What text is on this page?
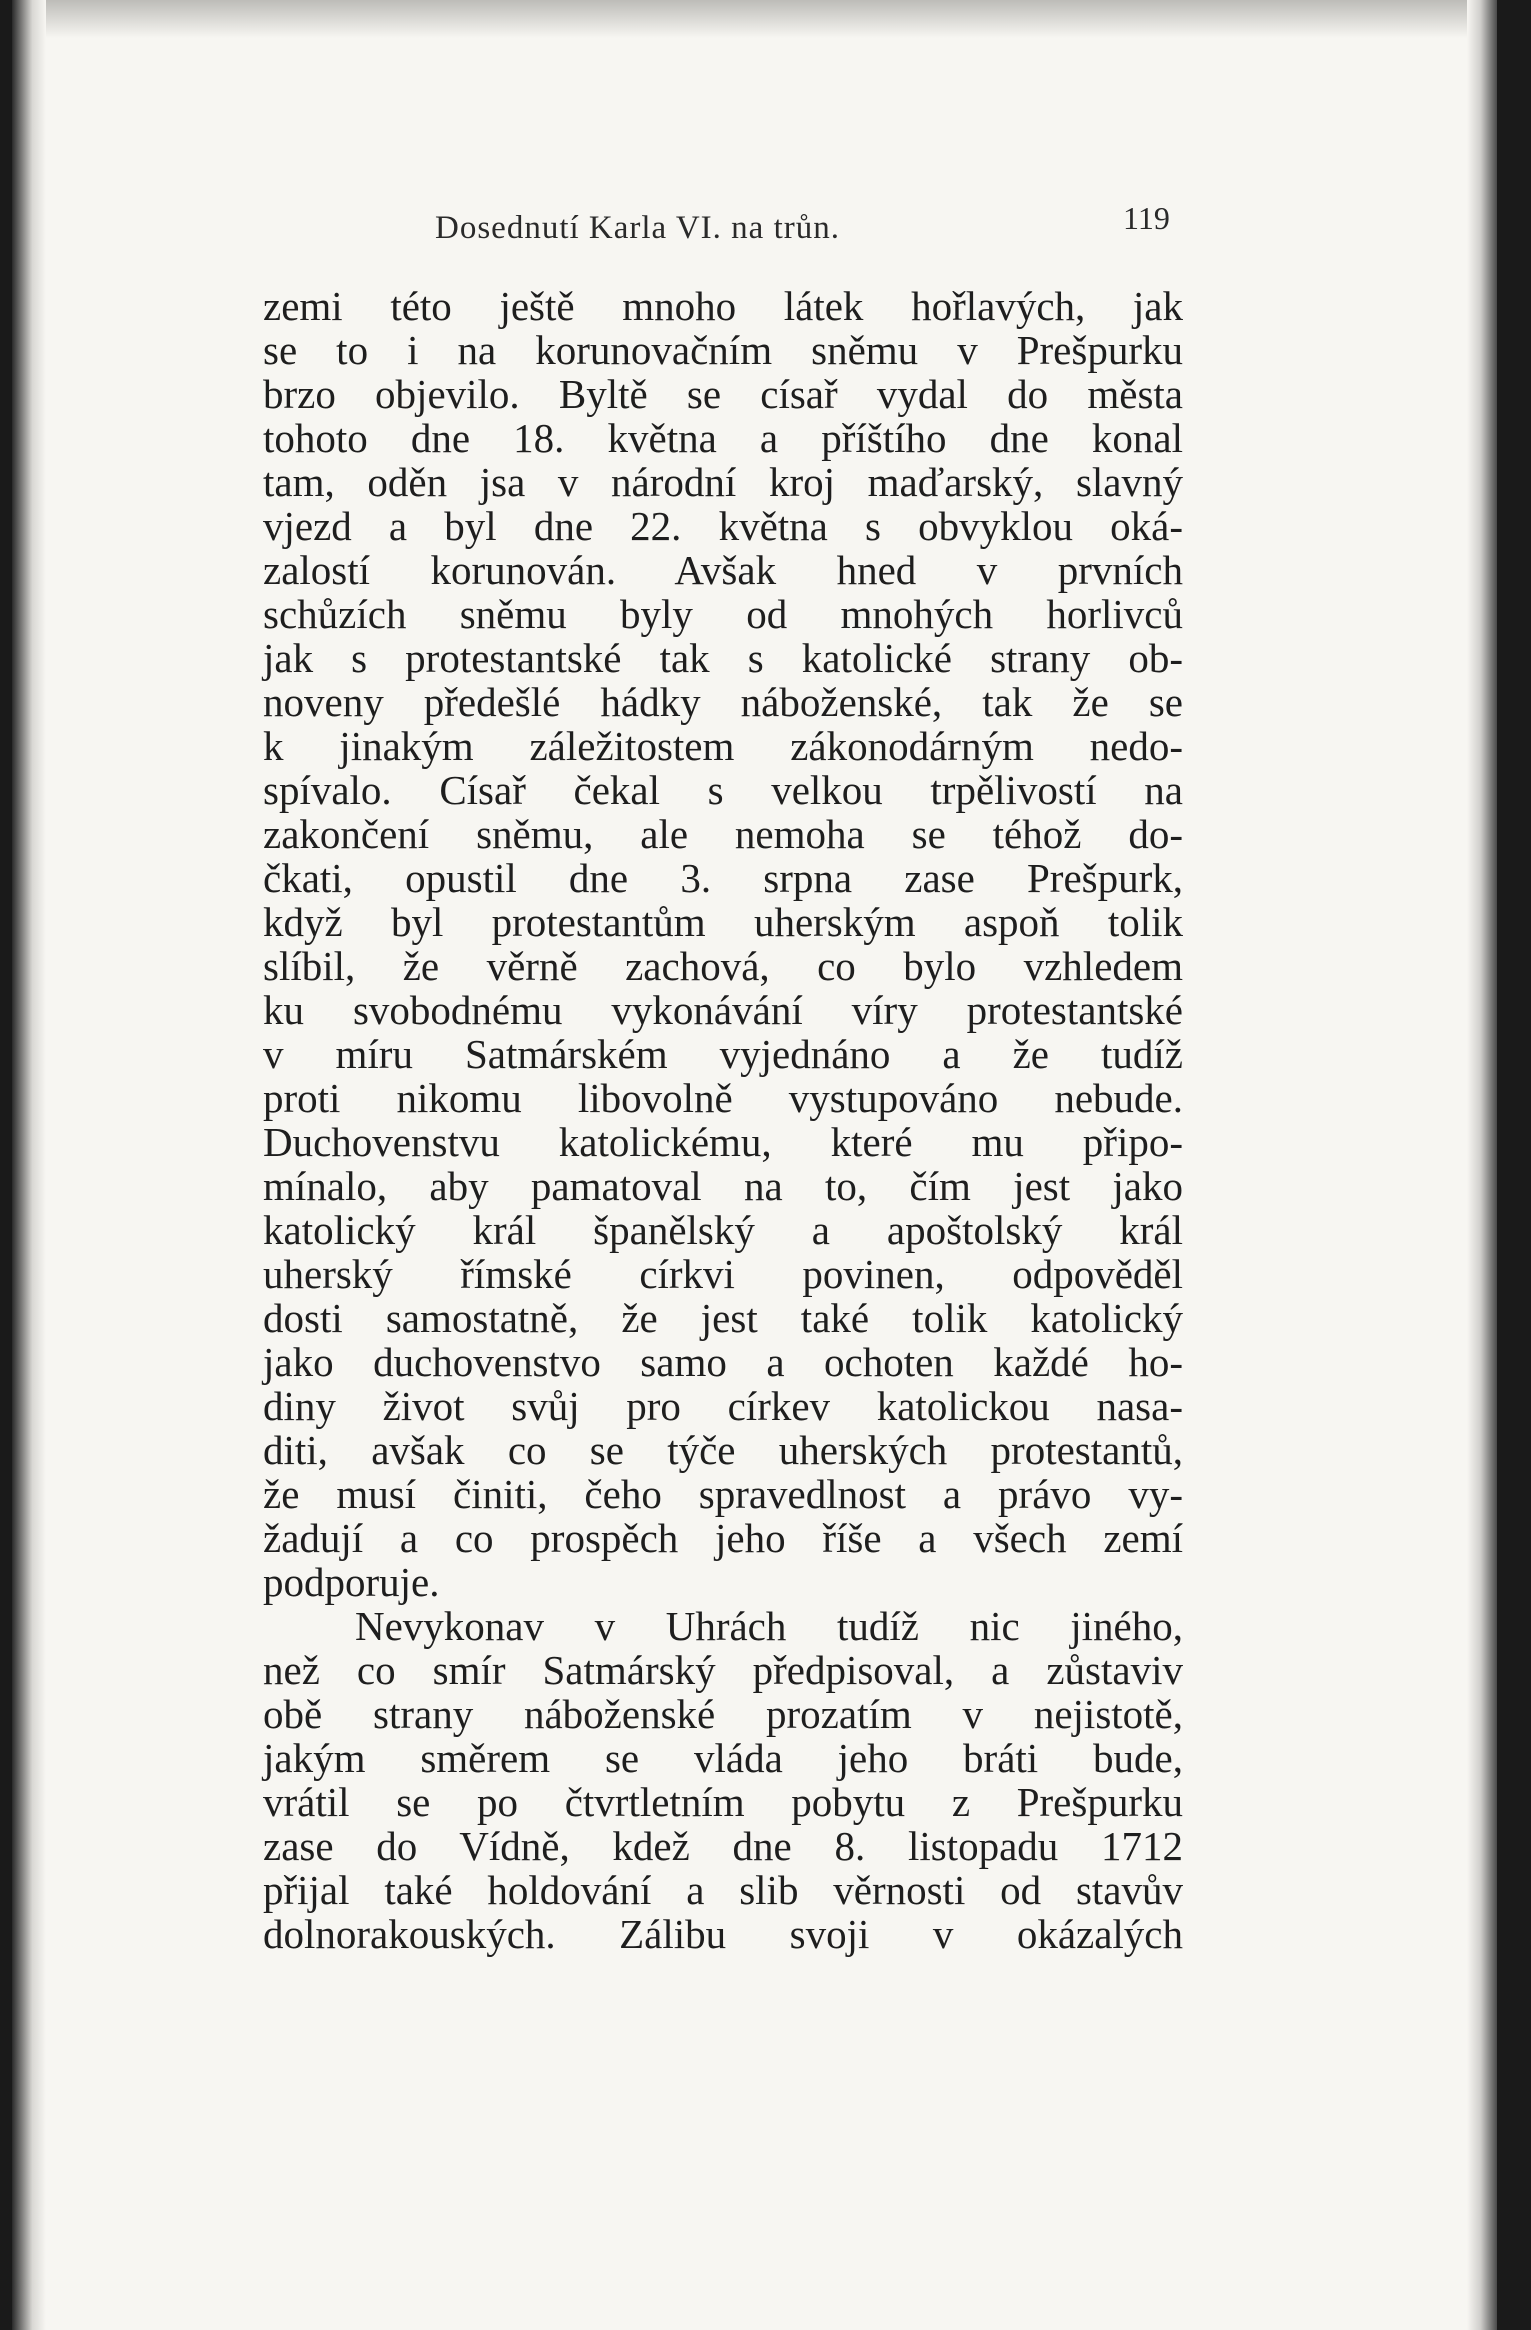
Dosednutí Karla VI. na trůn.	119
zemi této ještě mnoho látek hořlavých, jak
se to i na korunovačním sněmu v Prešpurku
brzo objevilo. Byltě se císař vydal do města
tohoto dne 18. května a příštího dne konal
tam, oděn jsa v národní kroj maďarský, slavný
vjezd a byl dne 22. května s obvyklou oká-
zalostí korunován. Avšak hned v prvních
schůzích sněmu byly od mnohých horlivců
jak s protestantské tak s katolické strany ob-
noveny předešlé hádky náboženské, tak že se
k jinakým záležitostem zákonodárným nedo-
spívalo. Císař čekal s velkou trpělivostí na
zakončení sněmu, ale nemoha se téhož do-
čkati, opustil dne 3. srpna zase Prešpurk,
když byl protestantům uherským aspoň tolik
slíbil, že věrně zachová, co bylo vzhledem
ku svobodnému vykonávání víry protestantské
v míru Satmárském vyjednáno a že tudíž
proti nikomu libovolně vystupováno nebude.
Duchovenstvu katolickému, které mu připo-
mínalo, aby pamatoval na to, čím jest jako
katolický král španělský a apoštolský král
uherský římské církvi povinen, odpověděl
dosti samostatně, že jest také tolik katolický
jako duchovenstvo samo a ochoten každé ho-
diny život svůj pro církev katolickou nasa-
diti, avšak co se týče uherských protestantů,
že musí činiti, čeho spravedlnost a právo vy-
žadují a co prospěch jeho říše a všech zemí
podporuje.
Nevykonav v Uhrách tudíž nic jiného,
než co smír Satmárský předpisoval, a zůstaviv
obě strany náboženské prozatím v nejistotě,
jakým směrem se vláda jeho bráti bude,
vrátil se po čtvrtletním pobytu z Prešpurku
zase do Vídně, kdež dne 8. listopadu 1712
přijal také holdování a slib věrnosti od stavův
dolnorakouských. Zálibu svoji v okázalých
